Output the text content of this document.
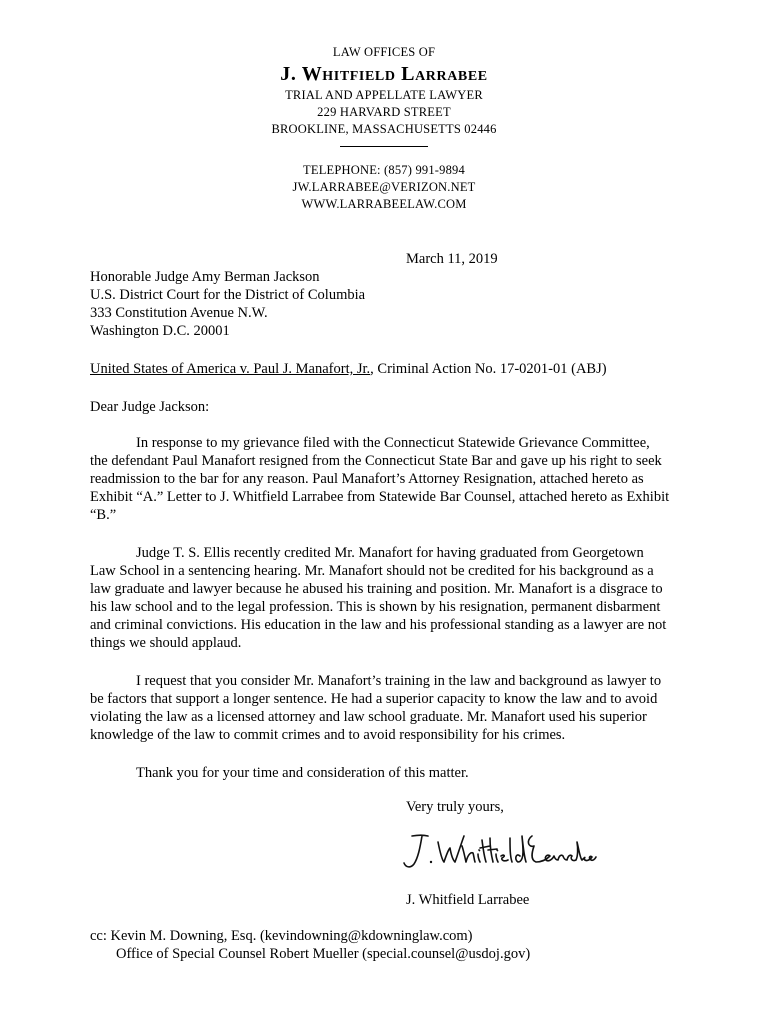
LAW OFFICES OF
J. Whitfield Larrabee
TRIAL AND APPELLATE LAWYER
229 HARVARD STREET
BROOKLINE, MASSACHUSETTS 02446
TELEPHONE: (857) 991-9894
JW.LARRABEE@VERIZON.NET
WWW.LARRABEELAW.COM
March 11, 2019
Honorable Judge Amy Berman Jackson
U.S. District Court for the District of Columbia
333 Constitution Avenue N.W.
Washington D.C. 20001
United States of America v. Paul J. Manafort, Jr., Criminal Action No. 17-0201-01 (ABJ)
Dear Judge Jackson:
In response to my grievance filed with the Connecticut Statewide Grievance Committee, the defendant Paul Manafort resigned from the Connecticut State Bar and gave up his right to seek readmission to the bar for any reason. Paul Manafort’s Attorney Resignation, attached hereto as Exhibit “A.” Letter to J. Whitfield Larrabee from Statewide Bar Counsel, attached hereto as Exhibit “B.”
Judge T. S. Ellis recently credited Mr. Manafort for having graduated from Georgetown Law School in a sentencing hearing. Mr. Manafort should not be credited for his background as a law graduate and lawyer because he abused his training and position. Mr. Manafort is a disgrace to his law school and to the legal profession. This is shown by his resignation, permanent disbarment and criminal convictions. His education in the law and his professional standing as a lawyer are not things we should applaud.
I request that you consider Mr. Manafort’s training in the law and background as lawyer to be factors that support a longer sentence. He had a superior capacity to know the law and to avoid violating the law as a licensed attorney and law school graduate. Mr. Manafort used his superior knowledge of the law to commit crimes and to avoid responsibility for his crimes.
Thank you for your time and consideration of this matter.
Very truly yours,
J. Whitfield Larrabee
cc: Kevin M. Downing, Esq. (kevindowning@kdowninglaw.com)
Office of Special Counsel Robert Mueller (special.counsel@usdoj.gov)
